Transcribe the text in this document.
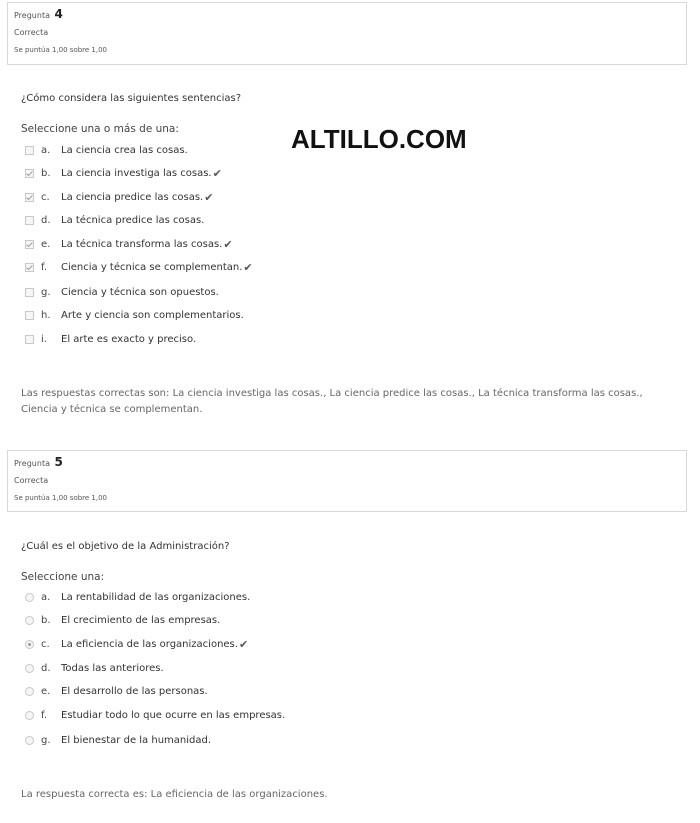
Pregunta 4
Correcta
Se puntúa 1,00 sobre 1,00
¿Cómo considera las siguientes sentencias?
Seleccione una o más de una:	ALTILLO.COM
a.	La ciencia crea las cosas.
b.	La ciencia investiga las cosas. ✔
c.	La ciencia predice las cosas. ✔
d.	La técnica predice las cosas.
e.	La técnica transforma las cosas. ✔
f.	Ciencia y técnica se complementan. ✔
g.	Ciencia y técnica son opuestos.
h.	Arte y ciencia son complementarios.
i.	El arte es exacto y preciso.
Las respuestas correctas son: La ciencia investiga las cosas., La ciencia predice las cosas., La técnica transforma las cosas., Ciencia y técnica se complementan.
Pregunta 5
Correcta
Se puntúa 1,00 sobre 1,00
¿Cuál es el objetivo de la Administración?
Seleccione una:
a.	La rentabilidad de las organizaciones.
b.	El crecimiento de las empresas.
c.	La eficiencia de las organizaciones. ✔
d.	Todas las anteriores.
e.	El desarrollo de las personas.
f.	Estudiar todo lo que ocurre en las empresas.
g.	El bienestar de la humanidad.
La respuesta correcta es: La eficiencia de las organizaciones.
